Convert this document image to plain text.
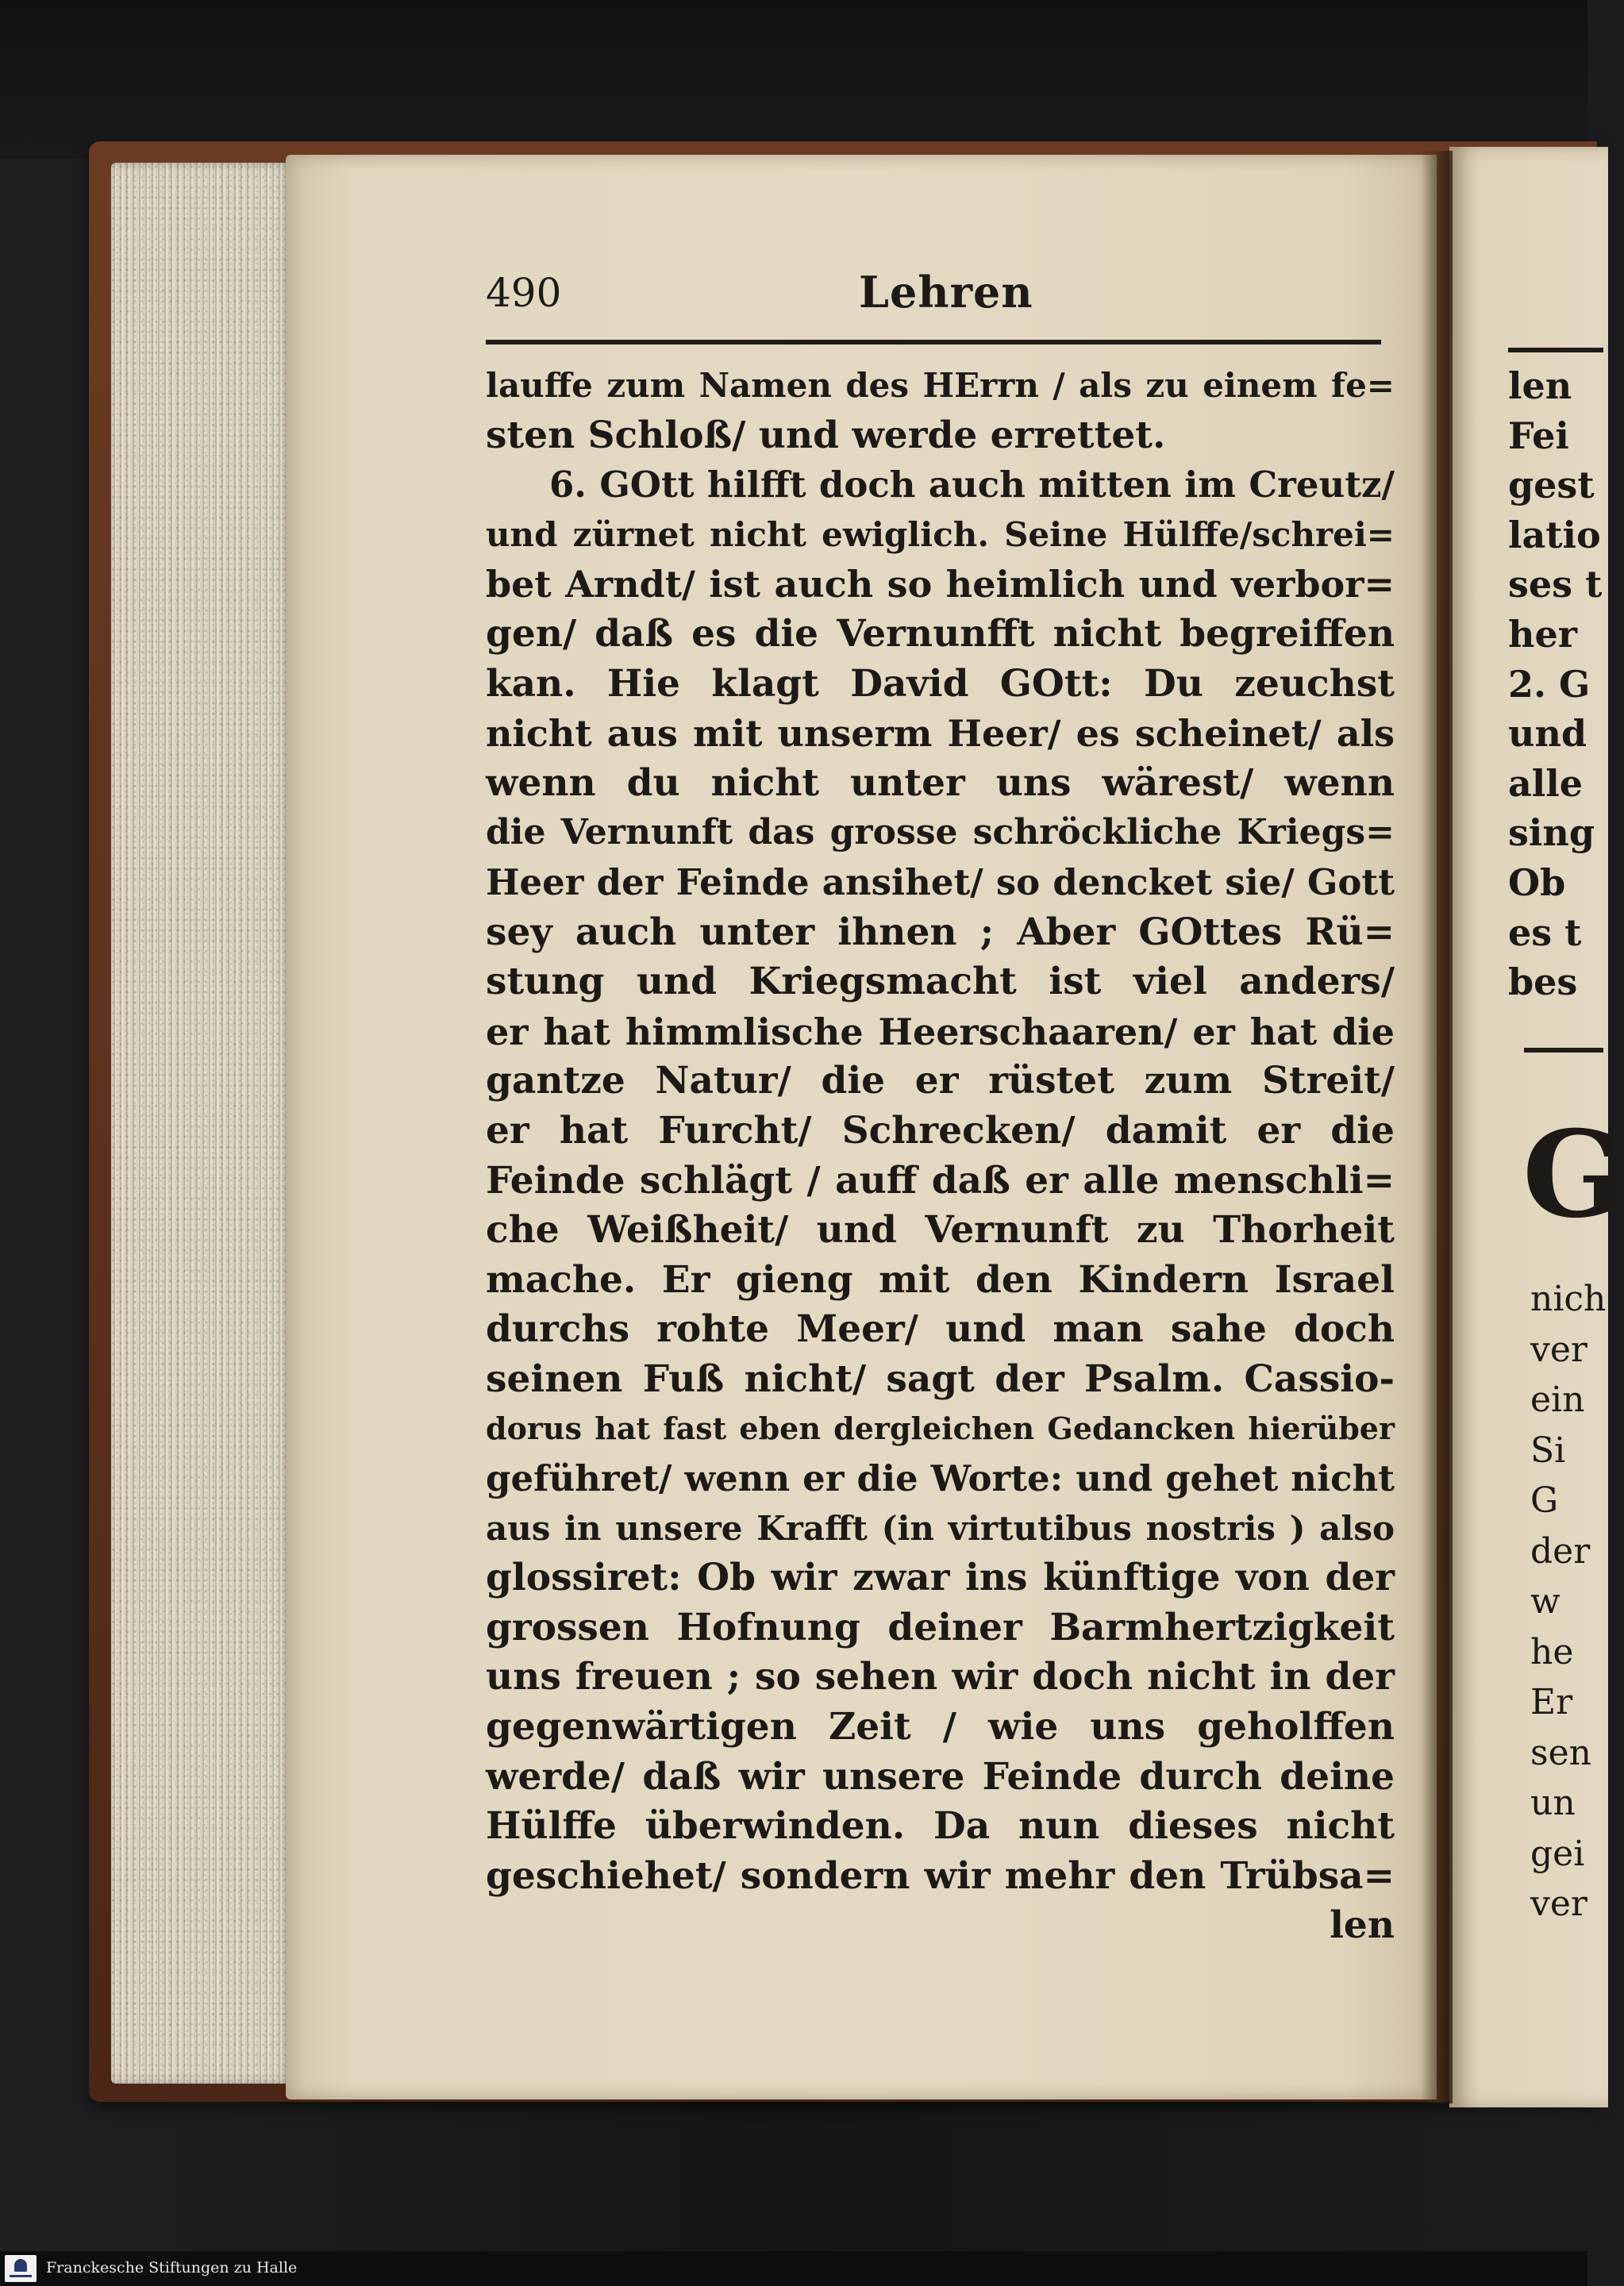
490	Lehren
lauffe zum Namen des HErrn / als zu einem fe=
sten Schloß/ und werde errettet.
6. GOtt hilfft doch auch mitten im Creutz/
und zürnet nicht ewiglich. Seine Hülffe/schrei=
bet Arndt/ ist auch so heimlich und verbor=
gen/ daß es die Vernunfft nicht begreiffen
kan. Hie klagt David GOtt: Du zeuchst
nicht aus mit unserm Heer/ es scheinet/ als
wenn du nicht unter uns wärest/ wenn
die Vernunft das grosse schröckliche Kriegs=
Heer der Feinde ansihet/ so dencket sie/ Gott
sey auch unter ihnen ; Aber GOttes Rü=
stung und Kriegsmacht ist viel anders/
er hat himmlische Heerschaaren/ er hat die
gantze Natur/ die er rüstet zum Streit/
er hat Furcht/ Schrecken/ damit er die
Feinde schlägt / auff daß er alle menschli=
che Weißheit/ und Vernunft zu Thorheit
mache. Er gieng mit den Kindern Israel
durchs rohte Meer/ und man sahe doch
seinen Fuß nicht/ sagt der Psalm. Cassio-
dorus hat fast eben dergleichen Gedancken hierüber
geführet/ wenn er die Worte: und gehet nicht
aus in unsere Krafft (in virtutibus nostris ) also
glossiret: Ob wir zwar ins künftige von der
grossen Hofnung deiner Barmhertzigkeit
uns freuen ; so sehen wir doch nicht in der
gegenwärtigen Zeit / wie uns geholffen
werde/ daß wir unsere Feinde durch deine
Hülffe überwinden. Da nun dieses nicht
geschiehet/ sondern wir mehr den Trübsa=
len
len
Fei
gest
latio
ses t
her
2. G
und
alle
sing
Ob
es t
bes
G
nich
ver
ein
Si
G
der
w
he
Er
sen
un
gei
ver
Franckesche Stiftungen zu Halle
